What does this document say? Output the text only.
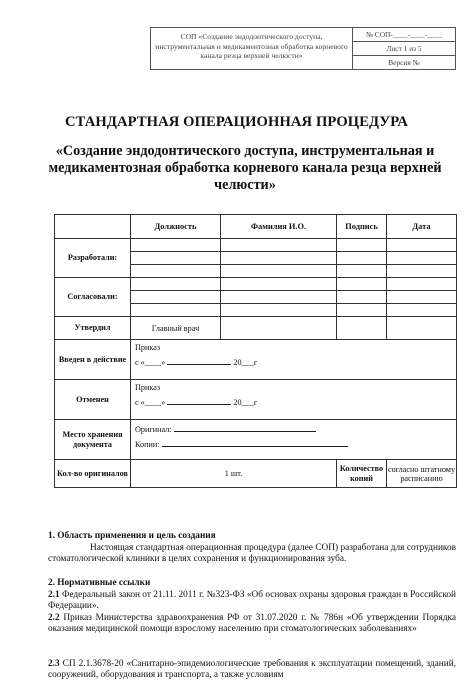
СОП «Создание эндодонтического доступа, инструментальная и медикаментозная обработка корневого канала резца верхней челюсти»
№ СОП-____-____-____
Лист 1 из 5
Версия №
СТАНДАРТНАЯ ОПЕРАЦИОННАЯ ПРОЦЕДУРА
«Создание эндодонтического доступа, инструментальная и медикаментозная обработка корневого канала резца верхней челюсти»
	Должность	Фамилия И.О.	Подпись	Дата
Разработали:				

Согласовали:				

Утвердил	Главный врач			
Введен в действие	Приказ
с «____» 20___г			

Отменен	Приказ
с «____» 20___г			

Место хранения документа	Оригинал:
Копии:			

Кол-во оригиналов	1 шт.		Количество копий	согласно штатному расписанию
1. Область применения и цель создания
Настоящая стандартная операционная процедура (далее СОП) разработана для сотрудников стоматологической клиники в целях сохранения и функционирования зуба.
2. Нормативные ссылки
2.1 Федеральный закон от 21.11. 2011 г. №323-ФЗ «Об основах охраны здоровья граждан в Российской Федерации».
2.2 Приказ Министерства здравоохранения РФ от 31.07.2020 г. № 786н «Об утверждении Порядка оказания медицинской помощи взрослому населению при стоматологических заболеваниях»
2.3 СП 2.1.3678-20 «Санитарно-эпидемиологические требования к эксплуатации помещений, зданий, сооружений, оборудования и транспорта, а также условиям
